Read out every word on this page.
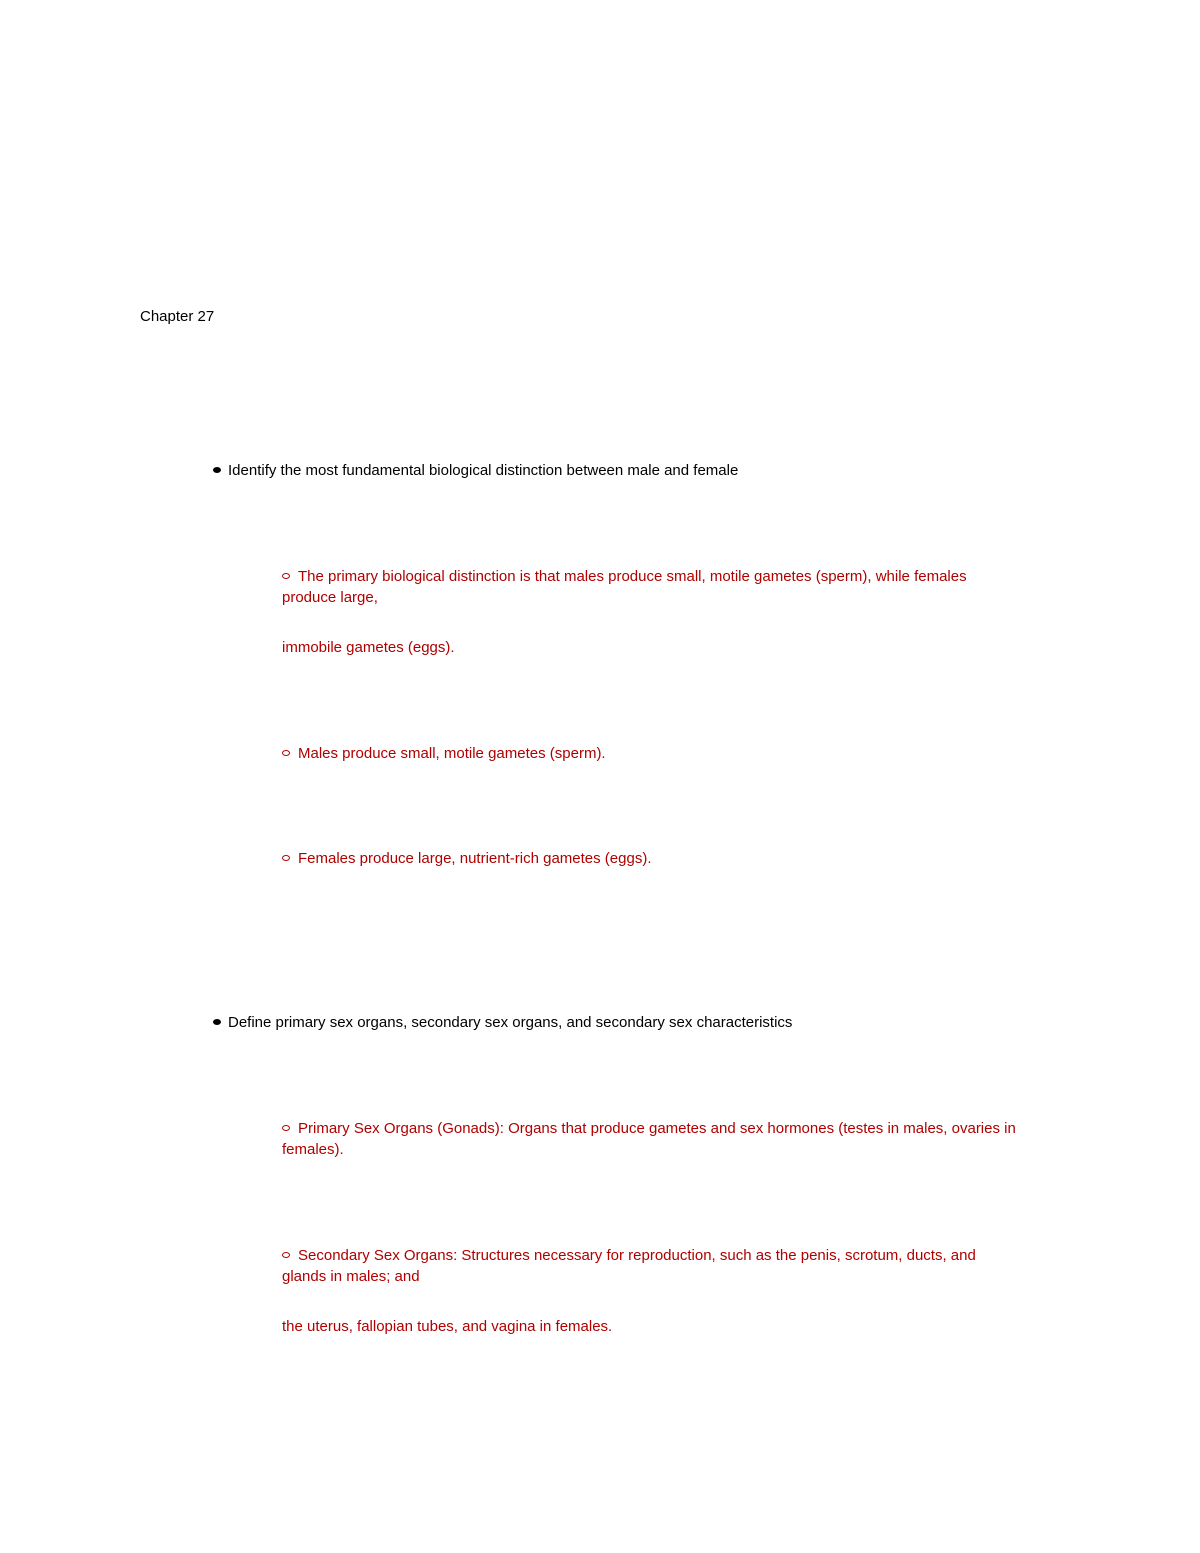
Chapter 27
Identify the most fundamental biological distinction between male and female
The primary biological distinction is that males produce small, motile gametes (sperm), while females
produce large,
immobile gametes (eggs).
Males produce small, motile gametes (sperm).
Females produce large, nutrient-rich gametes (eggs).
Define primary sex organs, secondary sex organs, and secondary sex characteristics
Primary Sex Organs (Gonads): Organs that produce gametes and sex hormones (testes in males, ovaries in
females).
Secondary Sex Organs: Structures necessary for reproduction, such as the penis, scrotum, ducts, and
glands in males; and
the uterus, fallopian tubes, and vagina in females.
